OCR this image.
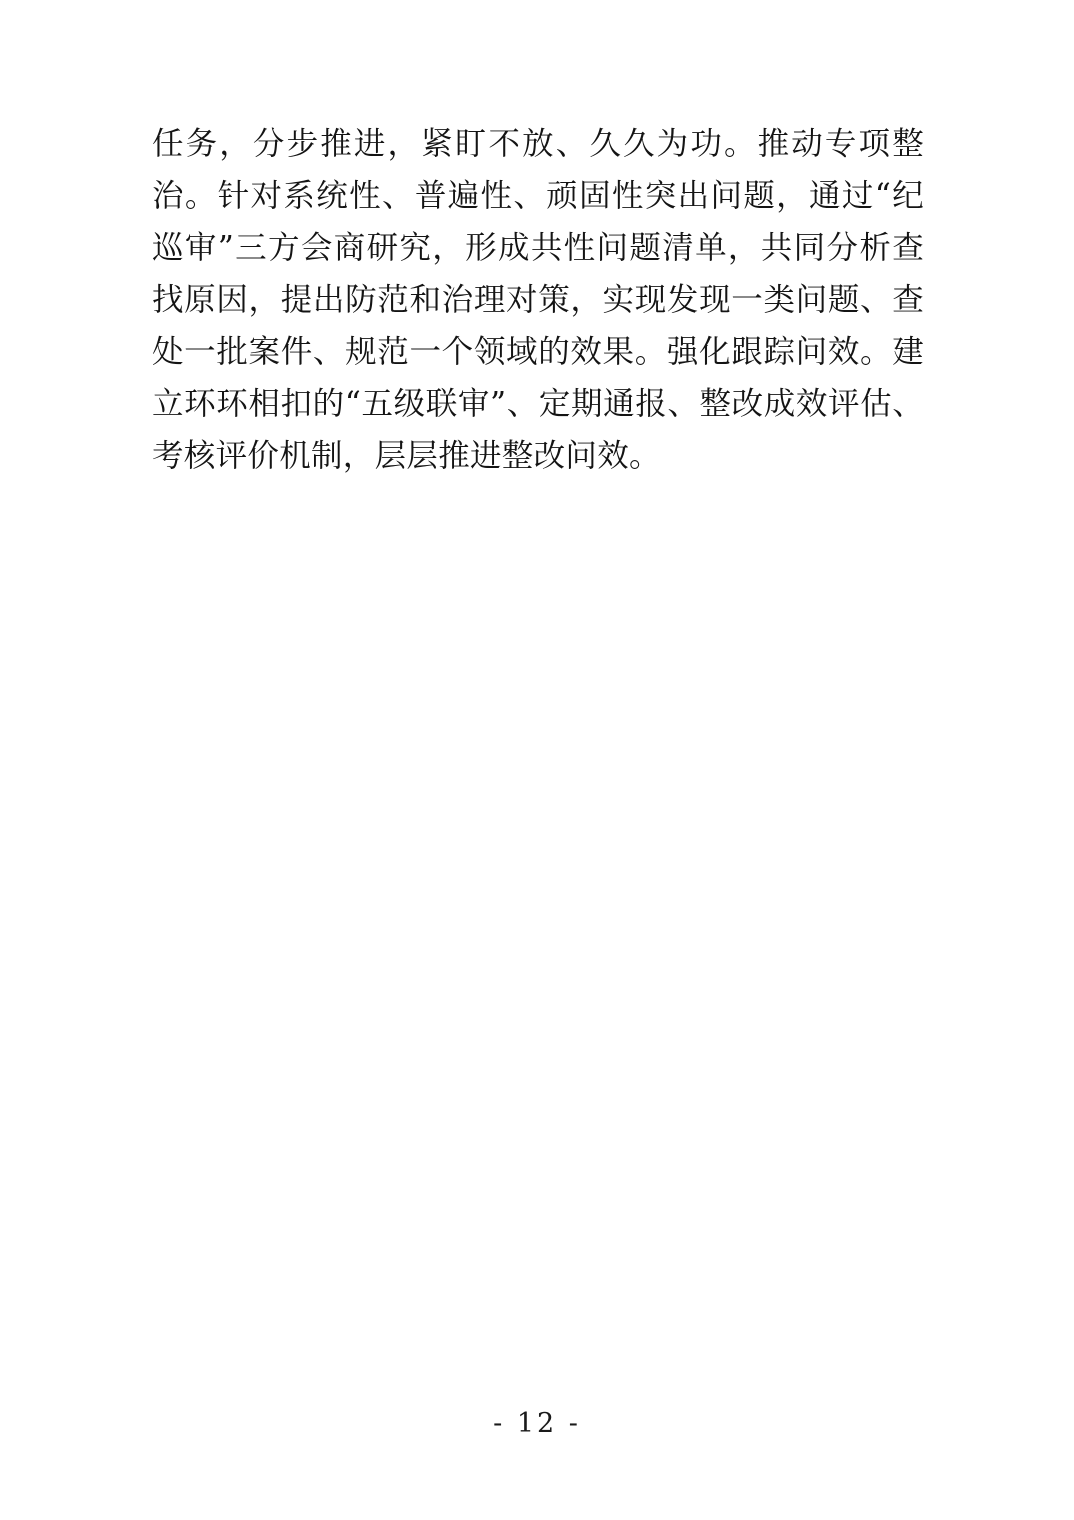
任务，分步推进，紧盯不放、久久为功。推动专项整治。针对系统性、普遍性、顽固性突出问题，通过“纪巡审”三方会商研究，形成共性问题清单，共同分析查找原因，提出防范和治理对策，实现发现一类问题、查处一批案件、规范一个领域的效果。强化跟踪问效。建立环环相扣的“五级联审”、定期通报、整改成效评估、考核评价机制，层层推进整改问效。

- 12 -
